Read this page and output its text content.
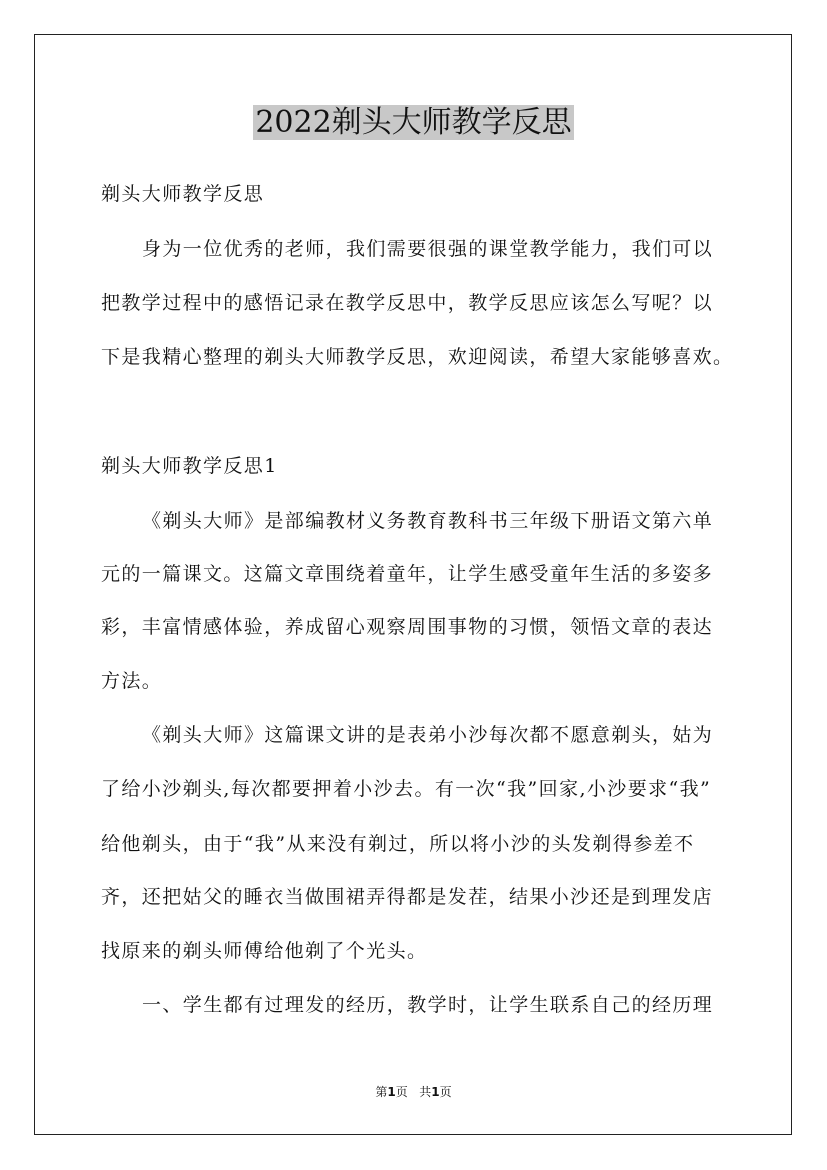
2022剃头大师教学反思
剃头大师教学反思
身为一位优秀的老师，我们需要很强的课堂教学能力，我们可以
把教学过程中的感悟记录在教学反思中，教学反思应该怎么写呢？以
下是我精心整理的剃头大师教学反思，欢迎阅读，希望大家能够喜欢。
剃头大师教学反思1
《剃头大师》是部编教材义务教育教科书三年级下册语文第六单
元的一篇课文。这篇文章围绕着童年，让学生感受童年生活的多姿多
彩，丰富情感体验，养成留心观察周围事物的习惯，领悟文章的表达
方法。
《剃头大师》这篇课文讲的是表弟小沙每次都不愿意剃头，姑为
了给小沙剃头,每次都要押着小沙去。有一次“我”回家,小沙要求“我”
给他剃头，由于“我”从来没有剃过，所以将小沙的头发剃得参差不
齐，还把姑父的睡衣当做围裙弄得都是发茬，结果小沙还是到理发店
找原来的剃头师傅给他剃了个光头。
一、学生都有过理发的经历，教学时，让学生联系自己的经历理
第1页 共1页
